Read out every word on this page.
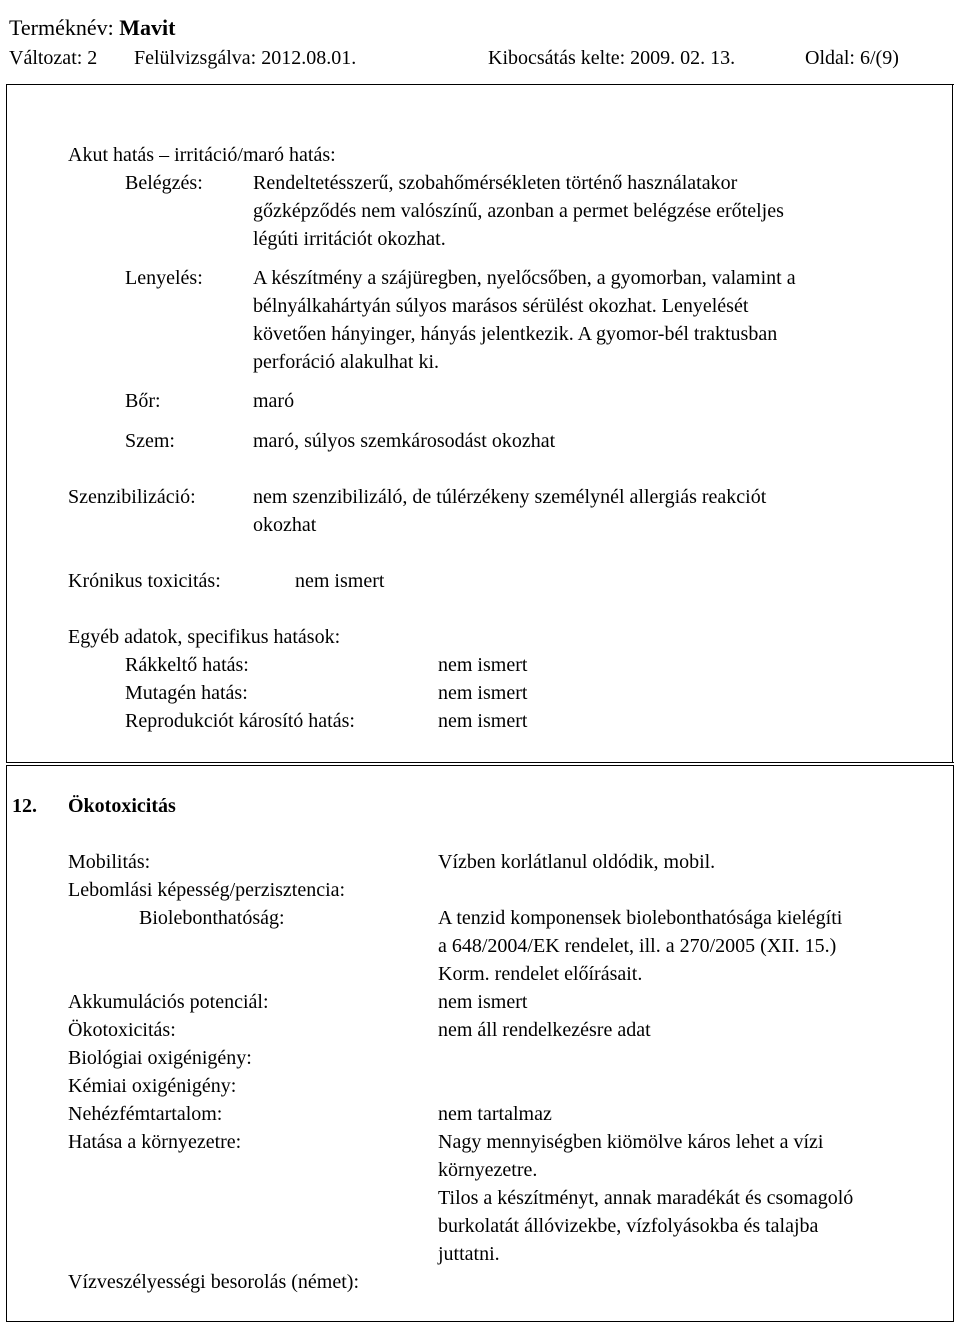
Terméknév: Mavit
Változat: 2 Felülvizsgálva: 2012.08.01.	Kibocsátás kelte: 2009. 02. 13.	Oldal: 6/(9)
Akut hatás – irritáció/maró hatás:
Belégzés:	Rendeltetésszerű, szobahőmérsékleten történő használatakor
gőzképződés nem valószínű, azonban a permet belégzése erőteljes
légúti irritációt okozhat.
Lenyelés:	A készítmény a szájüregben, nyelőcsőben, a gyomorban, valamint a
bélnyálkahártyán súlyos marásos sérülést okozhat. Lenyelését
követően hányinger, hányás jelentkezik. A gyomor-bél traktusban
perforáció alakulhat ki.
Bőr:	maró
Szem:	maró, súlyos szemkárosodást okozhat
Szenzibilizáció:	nem szenzibilizáló, de túlérzékeny személynél allergiás reakciót
okozhat
Krónikus toxicitás:	nem ismert
Egyéb adatok, specifikus hatások:
Rákkeltő hatás:	nem ismert
Mutagén hatás:	nem ismert
Reprodukciót károsító hatás:	nem ismert
12. Ökotoxicitás
Mobilitás:	Vízben korlátlanul oldódik, mobil.
Lebomlási képesség/perzisztencia:
Biolebonthatóság:	A tenzid komponensek biolebonthatósága kielégíti
a 648/2004/EK rendelet, ill. a 270/2005 (XII. 15.)
Korm. rendelet előírásait.
Akkumulációs potenciál:	nem ismert
Ökotoxicitás:	nem áll rendelkezésre adat
Biológiai oxigénigény:
Kémiai oxigénigény:
Nehézfémtartalom:	nem tartalmaz
Hatása a környezetre:	Nagy mennyiségben kiömölve káros lehet a vízi
környezetre.
Tilos a készítményt, annak maradékát és csomagoló
burkolatát állóvizekbe, vízfolyásokba és talajba
juttatni.
Vízveszélyességi besorolás (német):
